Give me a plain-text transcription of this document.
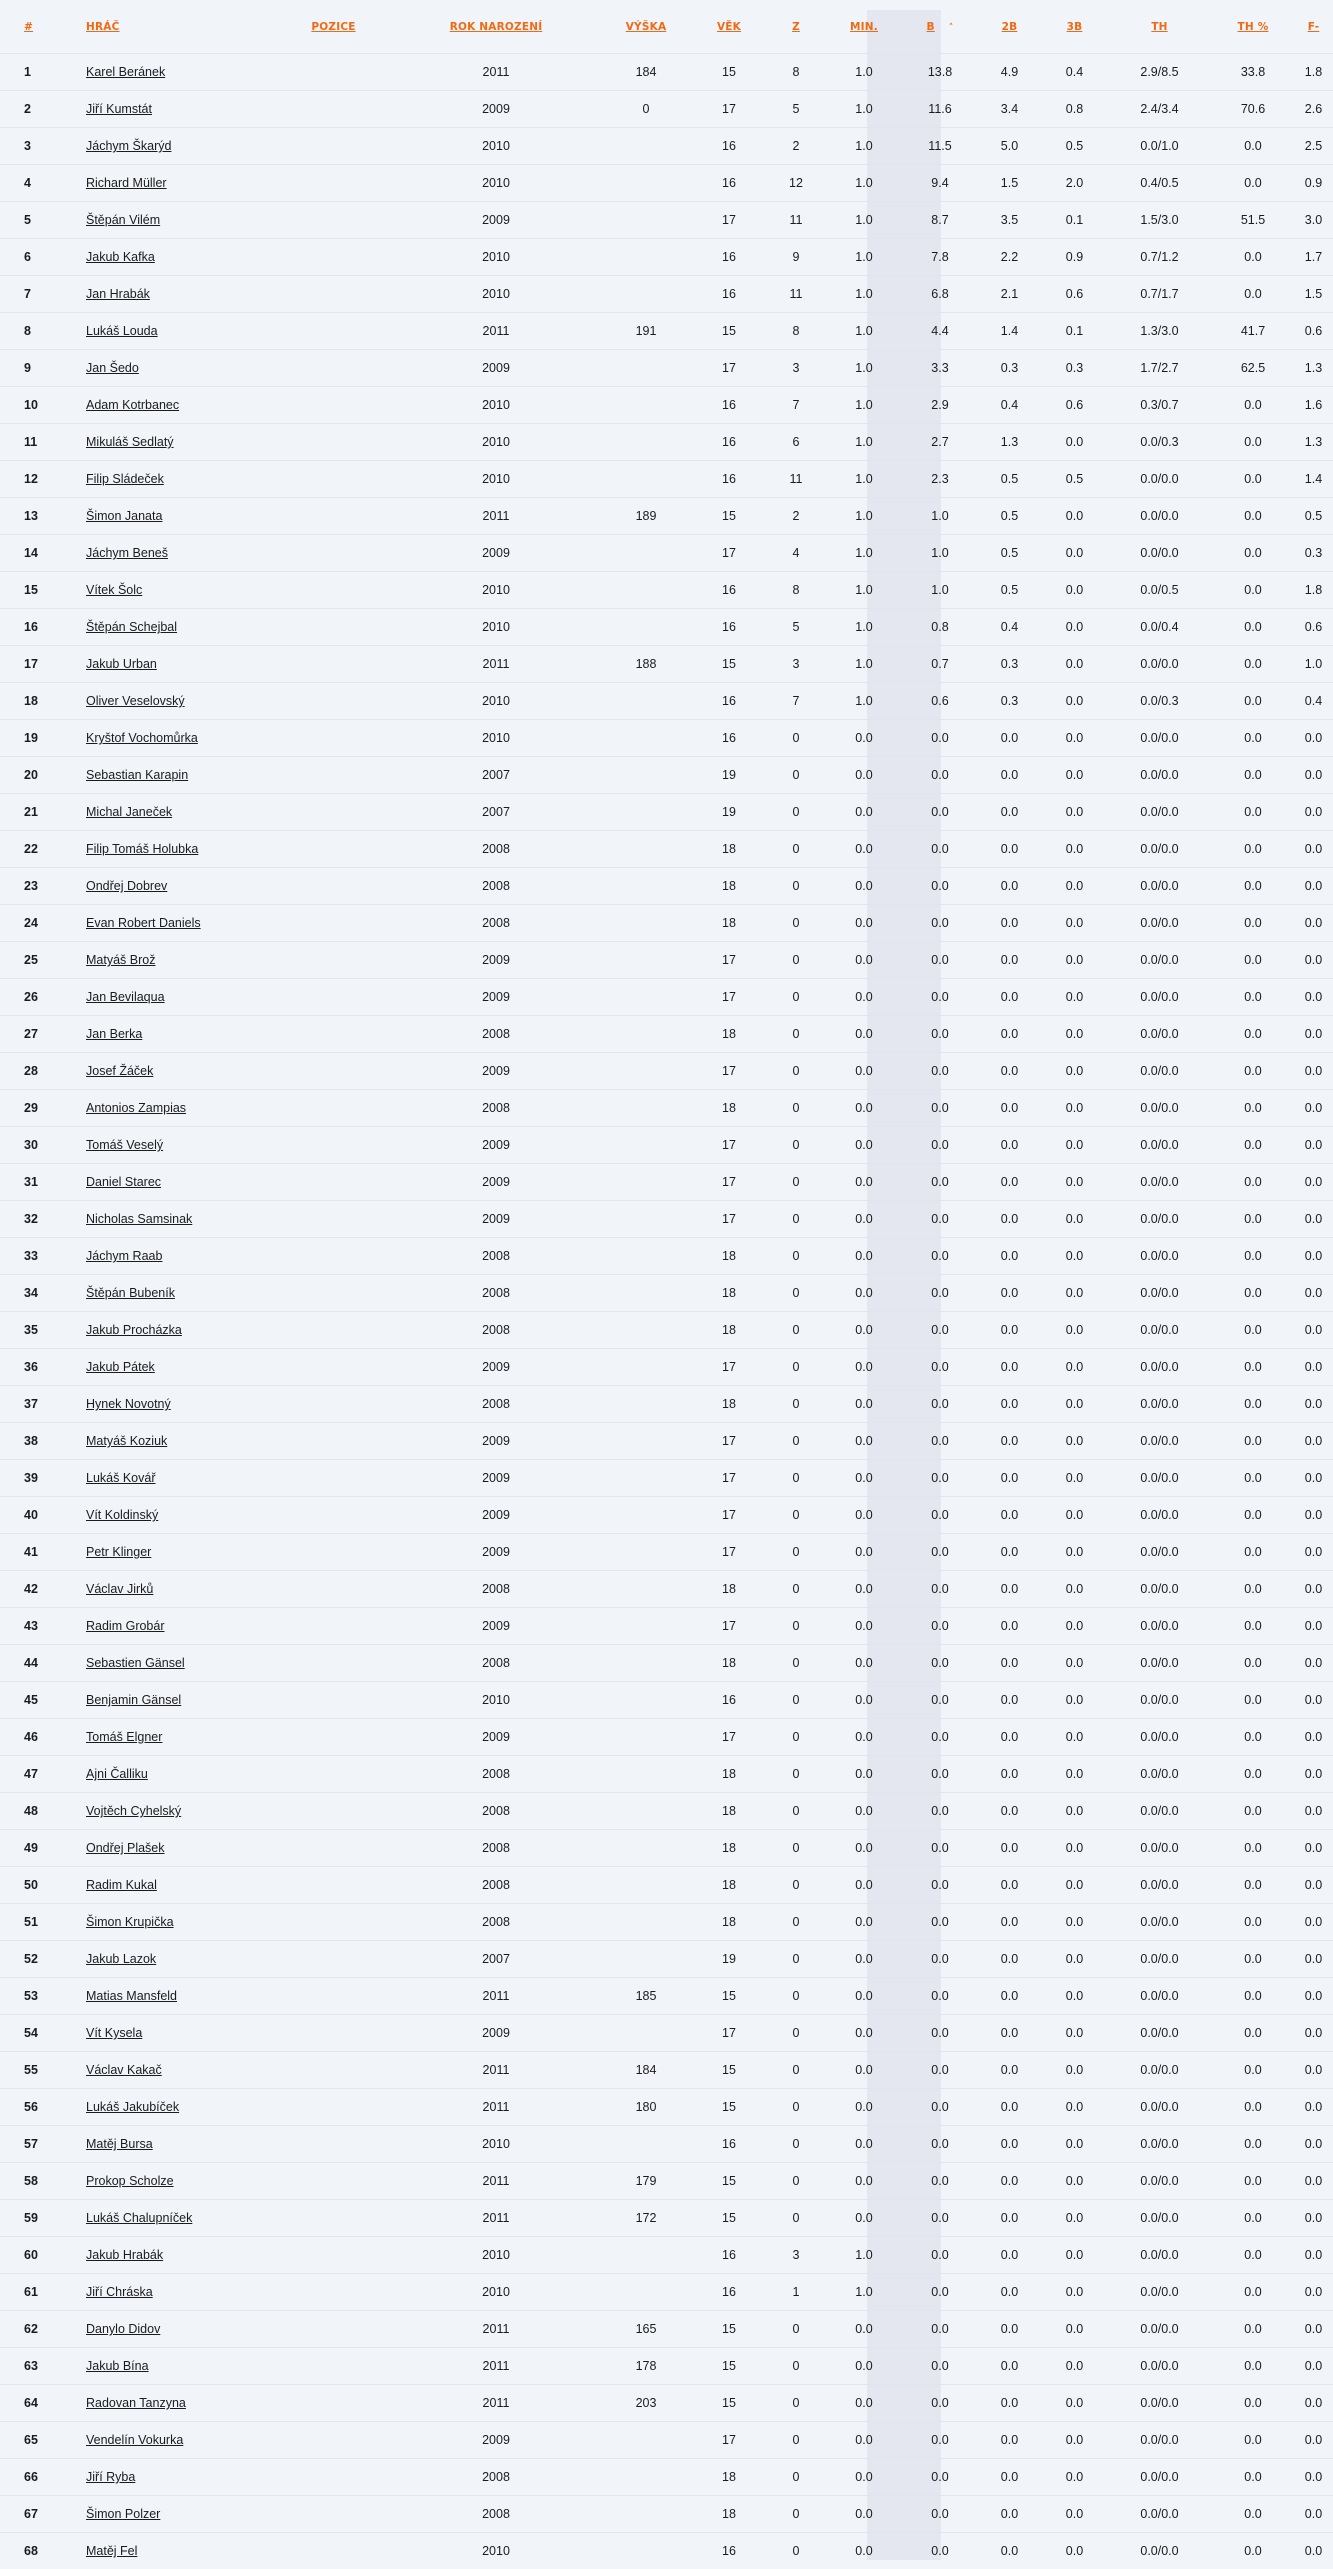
#	HRÁČ	POZICE	ROK NAROZENÍ	VÝŠKA	VĚK	Z	MIN.	B ˄	2B	3B	TH	TH %	F-
1	Karel Beránek		2011	184	15	8	1.0	13.8	4.9	0.4	2.9/8.5	33.8	1.8
2	Jiří Kumstát		2009	0	17	5	1.0	11.6	3.4	0.8	2.4/3.4	70.6	2.6
3	Jáchym Škarýd		2010		16	2	1.0	11.5	5.0	0.5	0.0/1.0	0.0	2.5
4	Richard Müller		2010		16	12	1.0	9.4	1.5	2.0	0.4/0.5	0.0	0.9
5	Štěpán Vilém		2009		17	11	1.0	8.7	3.5	0.1	1.5/3.0	51.5	3.0
6	Jakub Kafka		2010		16	9	1.0	7.8	2.2	0.9	0.7/1.2	0.0	1.7
7	Jan Hrabák		2010		16	11	1.0	6.8	2.1	0.6	0.7/1.7	0.0	1.5
8	Lukáš Louda		2011	191	15	8	1.0	4.4	1.4	0.1	1.3/3.0	41.7	0.6
9	Jan Šedo		2009		17	3	1.0	3.3	0.3	0.3	1.7/2.7	62.5	1.3
10	Adam Kotrbanec		2010		16	7	1.0	2.9	0.4	0.6	0.3/0.7	0.0	1.6
11	Mikuláš Sedlatý		2010		16	6	1.0	2.7	1.3	0.0	0.0/0.3	0.0	1.3
12	Filip Sládeček		2010		16	11	1.0	2.3	0.5	0.5	0.0/0.0	0.0	1.4
13	Šimon Janata		2011	189	15	2	1.0	1.0	0.5	0.0	0.0/0.0	0.0	0.5
14	Jáchym Beneš		2009		17	4	1.0	1.0	0.5	0.0	0.0/0.0	0.0	0.3
15	Vítek Šolc		2010		16	8	1.0	1.0	0.5	0.0	0.0/0.5	0.0	1.8
16	Štěpán Schejbal		2010		16	5	1.0	0.8	0.4	0.0	0.0/0.4	0.0	0.6
17	Jakub Urban		2011	188	15	3	1.0	0.7	0.3	0.0	0.0/0.0	0.0	1.0
18	Oliver Veselovský		2010		16	7	1.0	0.6	0.3	0.0	0.0/0.3	0.0	0.4
19	Kryštof Vochomůrka		2010		16	0	0.0	0.0	0.0	0.0	0.0/0.0	0.0	0.0
20	Sebastian Karapin		2007		19	0	0.0	0.0	0.0	0.0	0.0/0.0	0.0	0.0
21	Michal Janeček		2007		19	0	0.0	0.0	0.0	0.0	0.0/0.0	0.0	0.0
22	Filip Tomáš Holubka		2008		18	0	0.0	0.0	0.0	0.0	0.0/0.0	0.0	0.0
23	Ondřej Dobrev		2008		18	0	0.0	0.0	0.0	0.0	0.0/0.0	0.0	0.0
24	Evan Robert Daniels		2008		18	0	0.0	0.0	0.0	0.0	0.0/0.0	0.0	0.0
25	Matyáš Brož		2009		17	0	0.0	0.0	0.0	0.0	0.0/0.0	0.0	0.0
26	Jan Bevilaqua		2009		17	0	0.0	0.0	0.0	0.0	0.0/0.0	0.0	0.0
27	Jan Berka		2008		18	0	0.0	0.0	0.0	0.0	0.0/0.0	0.0	0.0
28	Josef Žáček		2009		17	0	0.0	0.0	0.0	0.0	0.0/0.0	0.0	0.0
29	Antonios Zampias		2008		18	0	0.0	0.0	0.0	0.0	0.0/0.0	0.0	0.0
30	Tomáš Veselý		2009		17	0	0.0	0.0	0.0	0.0	0.0/0.0	0.0	0.0
31	Daniel Starec		2009		17	0	0.0	0.0	0.0	0.0	0.0/0.0	0.0	0.0
32	Nicholas Samsinak		2009		17	0	0.0	0.0	0.0	0.0	0.0/0.0	0.0	0.0
33	Jáchym Raab		2008		18	0	0.0	0.0	0.0	0.0	0.0/0.0	0.0	0.0
34	Štěpán Bubeník		2008		18	0	0.0	0.0	0.0	0.0	0.0/0.0	0.0	0.0
35	Jakub Procházka		2008		18	0	0.0	0.0	0.0	0.0	0.0/0.0	0.0	0.0
36	Jakub Pátek		2009		17	0	0.0	0.0	0.0	0.0	0.0/0.0	0.0	0.0
37	Hynek Novotný		2008		18	0	0.0	0.0	0.0	0.0	0.0/0.0	0.0	0.0
38	Matyáš Koziuk		2009		17	0	0.0	0.0	0.0	0.0	0.0/0.0	0.0	0.0
39	Lukáš Kovář		2009		17	0	0.0	0.0	0.0	0.0	0.0/0.0	0.0	0.0
40	Vít Koldinský		2009		17	0	0.0	0.0	0.0	0.0	0.0/0.0	0.0	0.0
41	Petr Klinger		2009		17	0	0.0	0.0	0.0	0.0	0.0/0.0	0.0	0.0
42	Václav Jirků		2008		18	0	0.0	0.0	0.0	0.0	0.0/0.0	0.0	0.0
43	Radim Grobár		2009		17	0	0.0	0.0	0.0	0.0	0.0/0.0	0.0	0.0
44	Sebastien Gänsel		2008		18	0	0.0	0.0	0.0	0.0	0.0/0.0	0.0	0.0
45	Benjamin Gänsel		2010		16	0	0.0	0.0	0.0	0.0	0.0/0.0	0.0	0.0
46	Tomáš Elgner		2009		17	0	0.0	0.0	0.0	0.0	0.0/0.0	0.0	0.0
47	Ajni Čalliku		2008		18	0	0.0	0.0	0.0	0.0	0.0/0.0	0.0	0.0
48	Vojtěch Cyhelský		2008		18	0	0.0	0.0	0.0	0.0	0.0/0.0	0.0	0.0
49	Ondřej Plašek		2008		18	0	0.0	0.0	0.0	0.0	0.0/0.0	0.0	0.0
50	Radim Kukal		2008		18	0	0.0	0.0	0.0	0.0	0.0/0.0	0.0	0.0
51	Šimon Krupička		2008		18	0	0.0	0.0	0.0	0.0	0.0/0.0	0.0	0.0
52	Jakub Lazok		2007		19	0	0.0	0.0	0.0	0.0	0.0/0.0	0.0	0.0
53	Matias Mansfeld		2011	185	15	0	0.0	0.0	0.0	0.0	0.0/0.0	0.0	0.0
54	Vít Kysela		2009		17	0	0.0	0.0	0.0	0.0	0.0/0.0	0.0	0.0
55	Václav Kakač		2011	184	15	0	0.0	0.0	0.0	0.0	0.0/0.0	0.0	0.0
56	Lukáš Jakubíček		2011	180	15	0	0.0	0.0	0.0	0.0	0.0/0.0	0.0	0.0
57	Matěj Bursa		2010		16	0	0.0	0.0	0.0	0.0	0.0/0.0	0.0	0.0
58	Prokop Scholze		2011	179	15	0	0.0	0.0	0.0	0.0	0.0/0.0	0.0	0.0
59	Lukáš Chalupníček		2011	172	15	0	0.0	0.0	0.0	0.0	0.0/0.0	0.0	0.0
60	Jakub Hrabák		2010		16	3	1.0	0.0	0.0	0.0	0.0/0.0	0.0	0.0
61	Jiří Chráska		2010		16	1	1.0	0.0	0.0	0.0	0.0/0.0	0.0	0.0
62	Danylo Didov		2011	165	15	0	0.0	0.0	0.0	0.0	0.0/0.0	0.0	0.0
63	Jakub Bína		2011	178	15	0	0.0	0.0	0.0	0.0	0.0/0.0	0.0	0.0
64	Radovan Tanzyna		2011	203	15	0	0.0	0.0	0.0	0.0	0.0/0.0	0.0	0.0
65	Vendelín Vokurka		2009		17	0	0.0	0.0	0.0	0.0	0.0/0.0	0.0	0.0
66	Jiří Ryba		2008		18	0	0.0	0.0	0.0	0.0	0.0/0.0	0.0	0.0
67	Šimon Polzer		2008		18	0	0.0	0.0	0.0	0.0	0.0/0.0	0.0	0.0
68	Matěj Fel		2010		16	0	0.0	0.0	0.0	0.0	0.0/0.0	0.0	0.0
